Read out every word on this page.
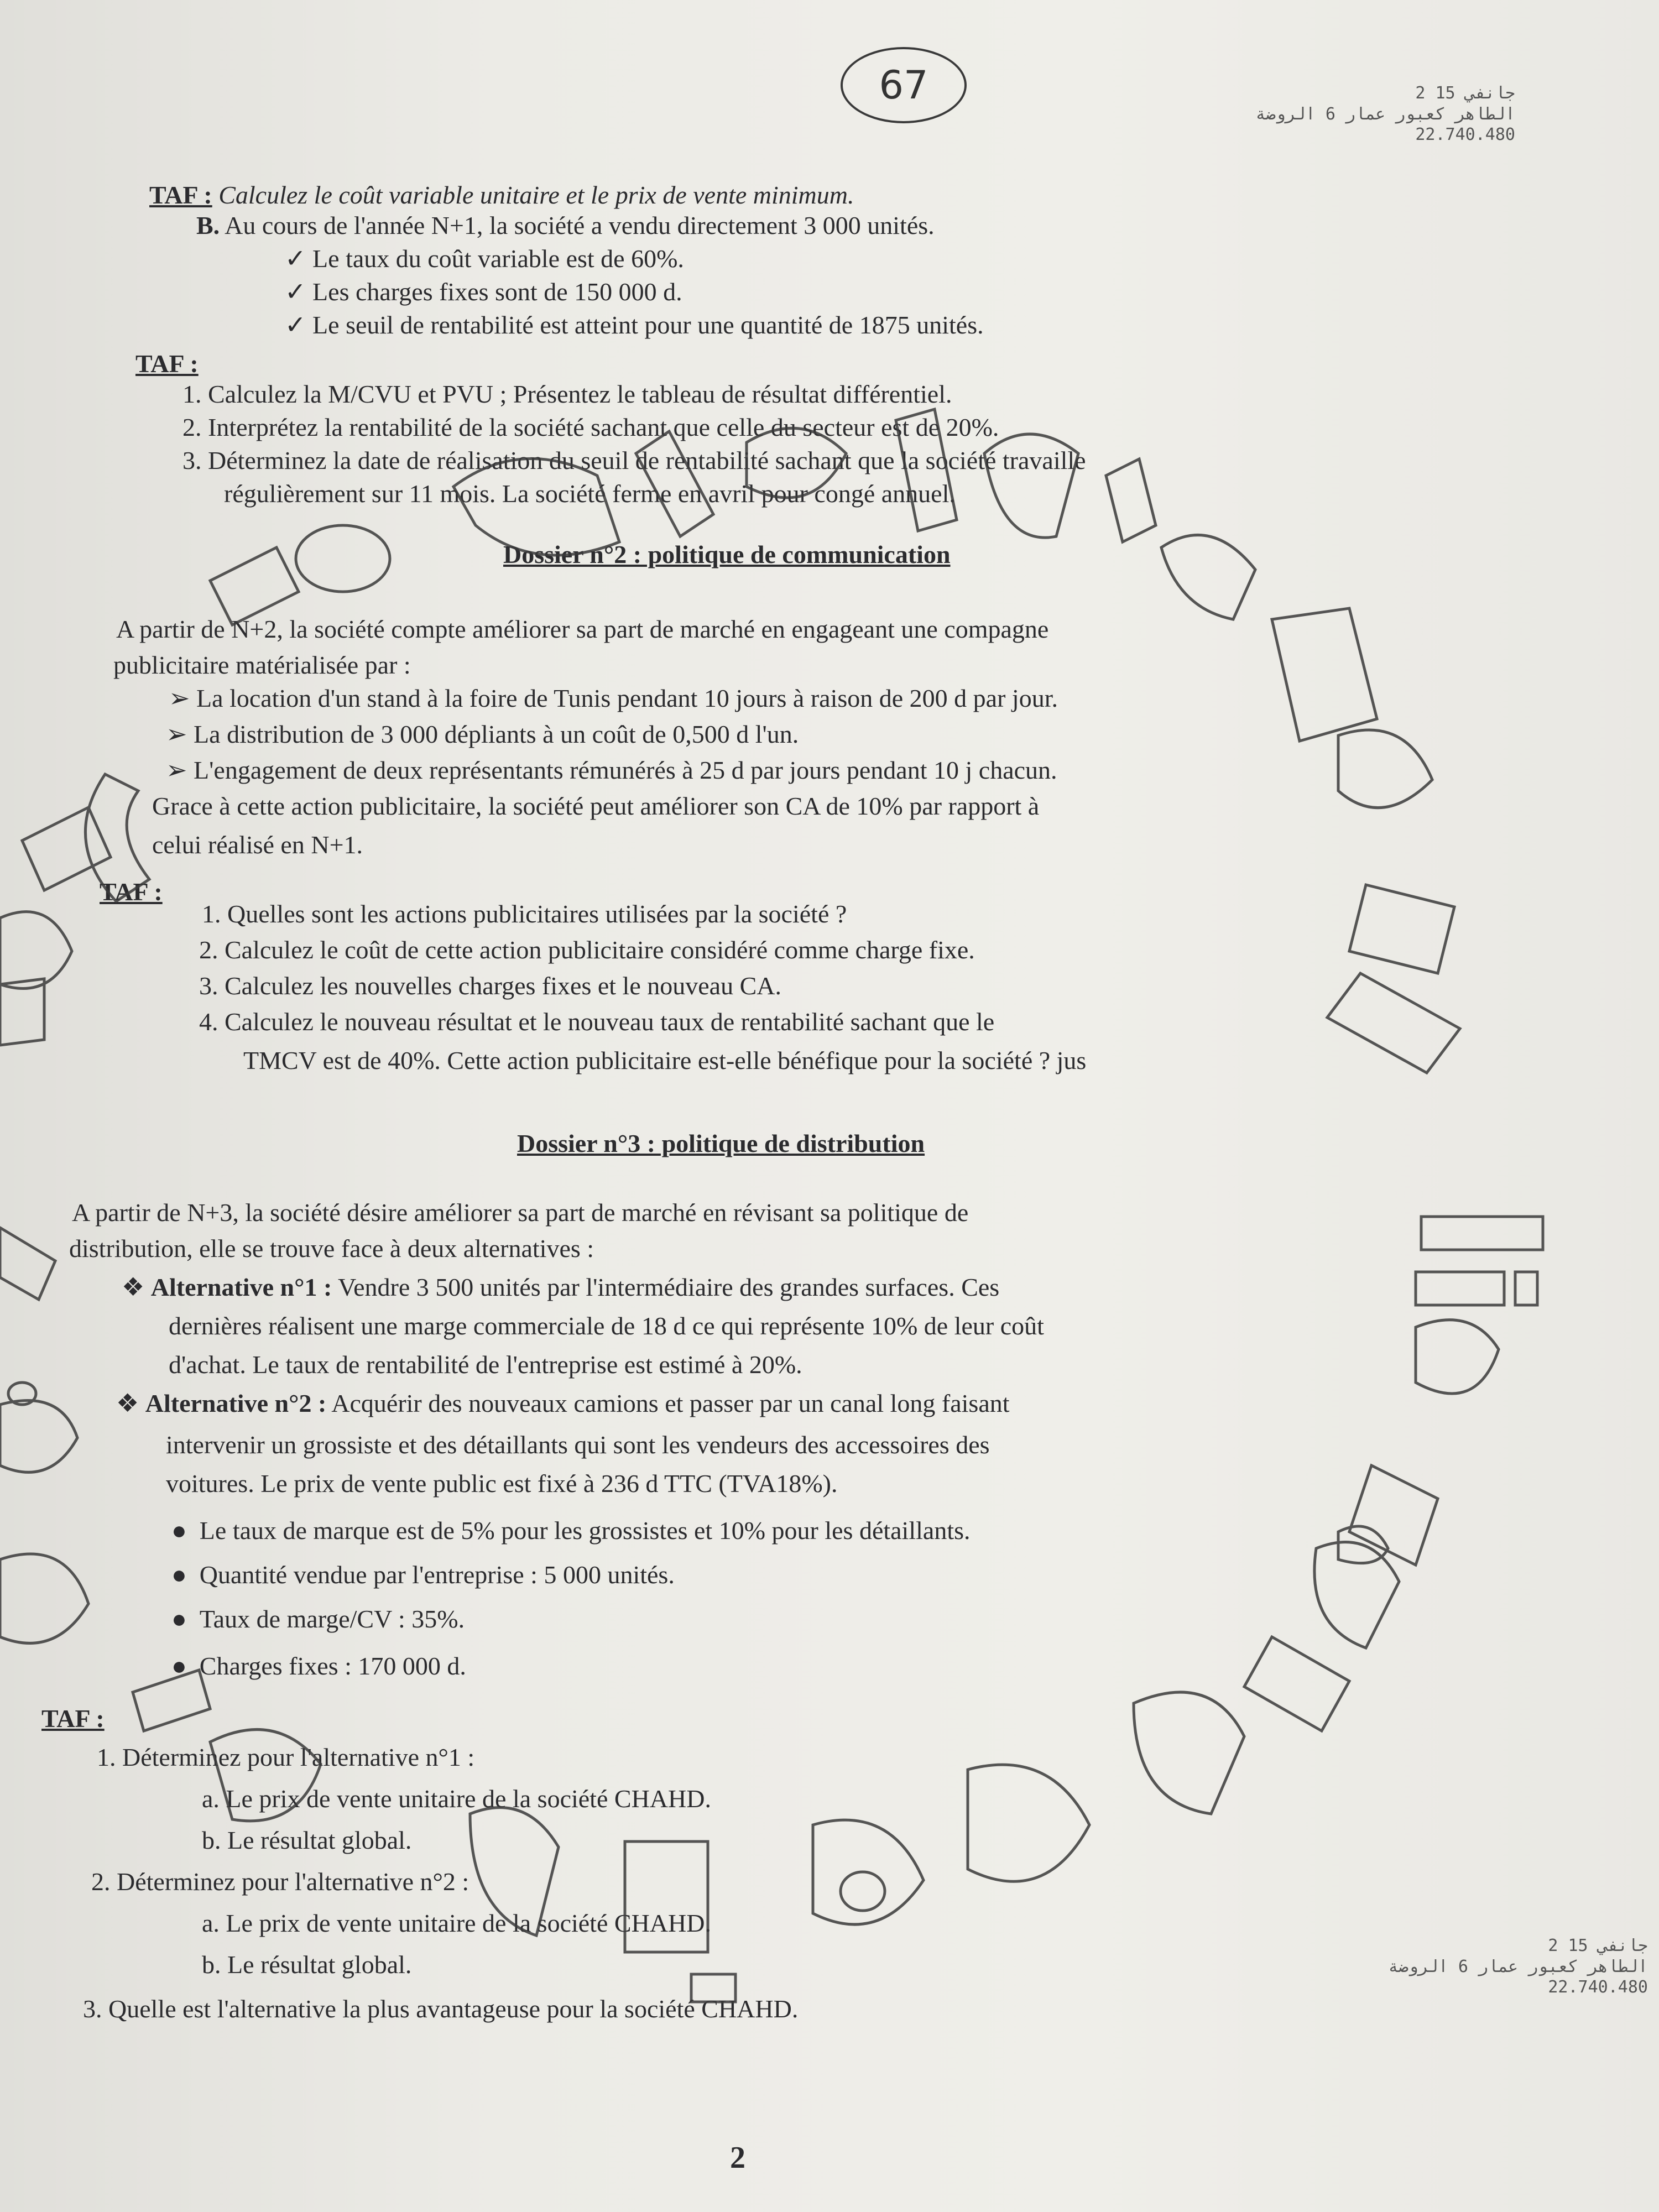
67	2 جانفي 15
الطاهر كعبور عمار 6 الروضة
22.740.480
TAF : Calculez le coût variable unitaire et le prix de vente minimum.
B. Au cours de l'année N+1, la société a vendu directement 3 000 unités.
✓ Le taux du coût variable est de 60%.
✓ Les charges fixes sont de 150 000 d.
✓ Le seuil de rentabilité est atteint pour une quantité de 1875 unités.
TAF :
1. Calculez la M/CVU et PVU ; Présentez le tableau de résultat différentiel.
2. Interprétez la rentabilité de la société sachant que celle du secteur est de 20%.
3. Déterminez la date de réalisation du seuil de rentabilité sachant que la société travaille
régulièrement sur 11 mois. La société ferme en avril pour congé annuel.
Dossier n°2 : politique de communication
A partir de N+2, la société compte améliorer sa part de marché en engageant une compagne
publicitaire matérialisée par :
➢ La location d'un stand à la foire de Tunis pendant 10 jours à raison de 200 d par jour.
➢ La distribution de 3 000 dépliants à un coût de 0,500 d l'un.
➢ L'engagement de deux représentants rémunérés à 25 d par jours pendant 10 j chacun.
Grace à cette action publicitaire, la société peut améliorer son CA de 10% par rapport à
celui réalisé en N+1.
TAF :
1. Quelles sont les actions publicitaires utilisées par la société ?
2. Calculez le coût de cette action publicitaire considéré comme charge fixe.
3. Calculez les nouvelles charges fixes et le nouveau CA.
4. Calculez le nouveau résultat et le nouveau taux de rentabilité sachant que le
TMCV est de 40%. Cette action publicitaire est-elle bénéfique pour la société ? jus
Dossier n°3 : politique de distribution
A partir de N+3, la société désire améliorer sa part de marché en révisant sa politique de
distribution, elle se trouve face à deux alternatives :
❖ Alternative n°1 : Vendre 3 500 unités par l'intermédiaire des grandes surfaces. Ces
dernières réalisent une marge commerciale de 18 d ce qui représente 10% de leur coût
d'achat. Le taux de rentabilité de l'entreprise est estimé à 20%.
❖ Alternative n°2 : Acquérir des nouveaux camions et passer par un canal long faisant
intervenir un grossiste et des détaillants qui sont les vendeurs des accessoires des
voitures. Le prix de vente public est fixé à 236 d TTC (TVA18%).
● Le taux de marque est de 5% pour les grossistes et 10% pour les détaillants.
● Quantité vendue par l'entreprise : 5 000 unités.
● Taux de marge/CV : 35%.
● Charges fixes : 170 000 d.
TAF :
1. Déterminez pour l'alternative n°1 :
a. Le prix de vente unitaire de la société CHAHD.
b. Le résultat global.
2. Déterminez pour l'alternative n°2 :
a. Le prix de vente unitaire de la société CHAHD.
b. Le résultat global.
3. Quelle est l'alternative la plus avantageuse pour la société CHAHD.
2 جانفي 15
الطاهر كعبور عمار 6 الروضة
22.740.480
2
